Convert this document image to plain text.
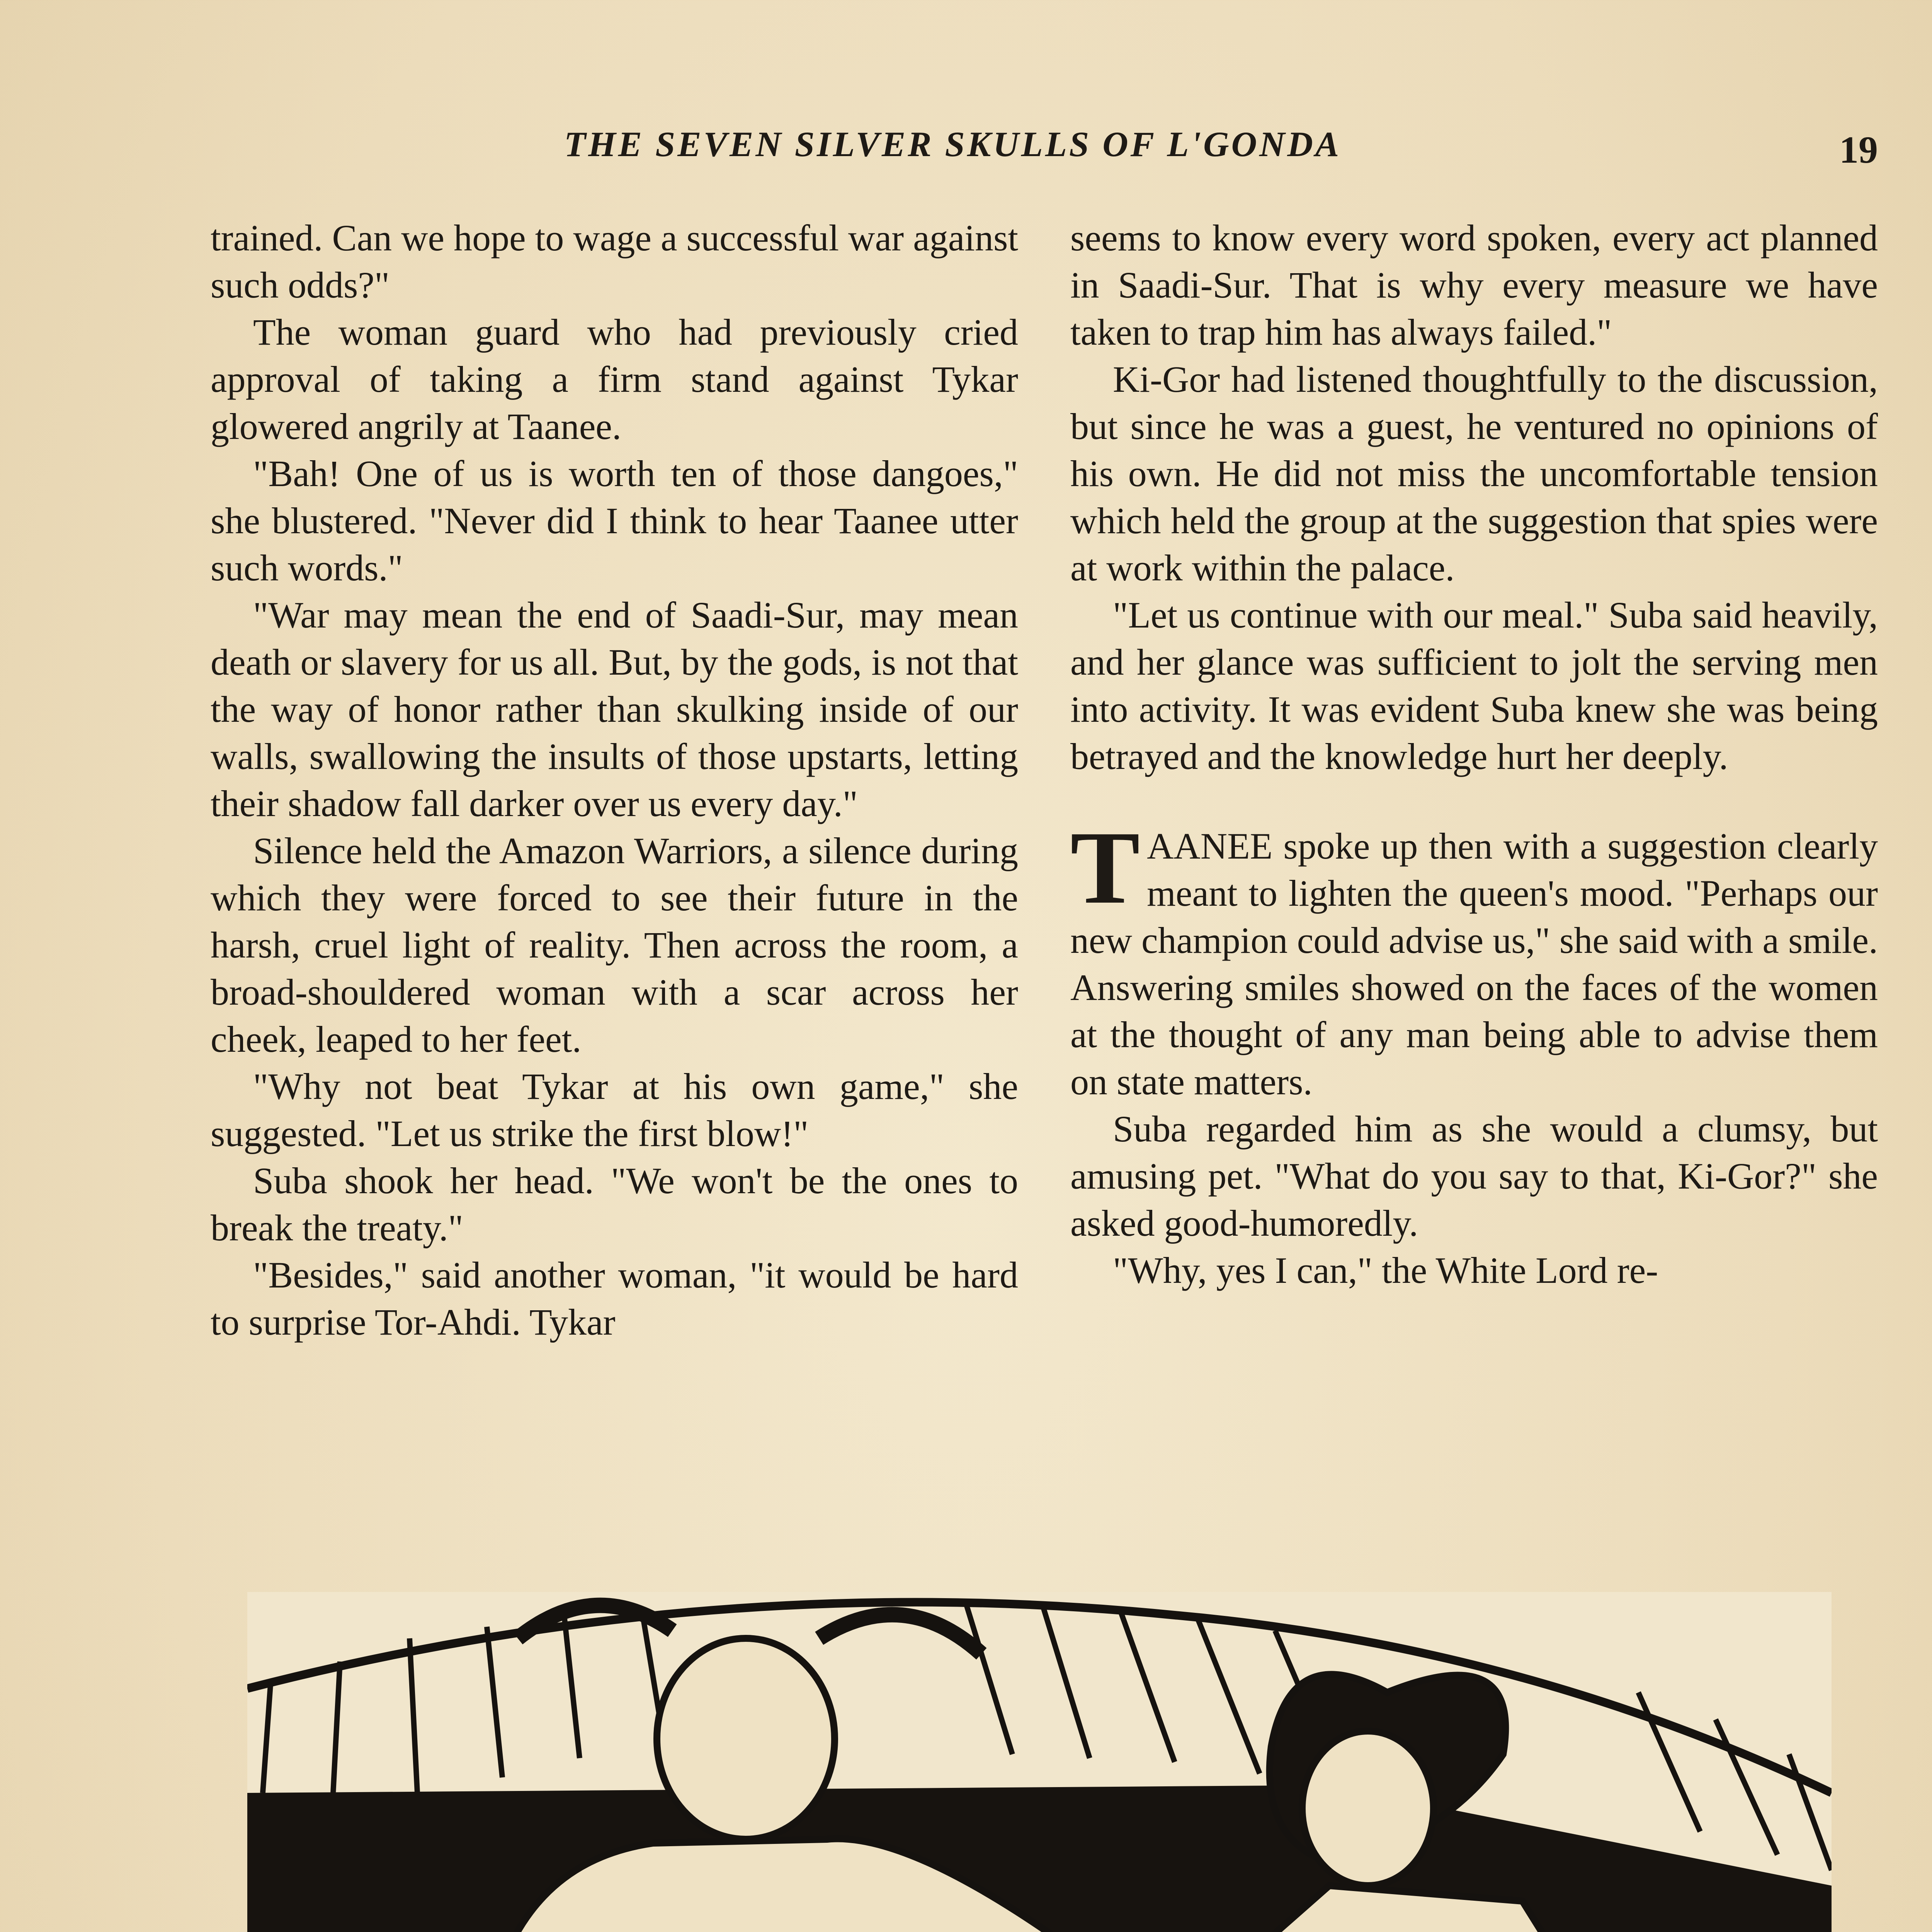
THE SEVEN SILVER SKULLS OF L'GONDA	19

trained. Can we hope to wage a successful war against such odds?"

The woman guard who had previously cried approval of taking a firm stand against Tykar glowered angrily at Taanee.

"Bah! One of us is worth ten of those dangoes," she blustered. "Never did I think to hear Taanee utter such words."

"War may mean the end of Saadi-Sur, may mean death or slavery for us all. But, by the gods, is not that the way of honor rather than skulking inside of our walls, swallowing the insults of those upstarts, letting their shadow fall darker over us every day."

Silence held the Amazon Warriors, a silence during which they were forced to see their future in the harsh, cruel light of reality. Then across the room, a broad-shouldered woman with a scar across her cheek, leaped to her feet.

"Why not beat Tykar at his own game," she suggested. "Let us strike the first blow!"

Suba shook her head. "We won't be the ones to break the treaty."

"Besides," said another woman, "it would be hard to surprise Tor-Ahdi. Tykar

seems to know every word spoken, every act planned in Saadi-Sur. That is why every measure we have taken to trap him has always failed."

Ki-Gor had listened thoughtfully to the discussion, but since he was a guest, he ventured no opinions of his own. He did not miss the uncomfortable tension which held the group at the suggestion that spies were at work within the palace.

"Let us continue with our meal." Suba said heavily, and her glance was sufficient to jolt the serving men into activity. It was evident Suba knew she was being betrayed and the knowledge hurt her deeply.

TAANEE spoke up then with a suggestion clearly meant to lighten the queen's mood. "Perhaps our new champion could advise us," she said with a smile. Answering smiles showed on the faces of the women at the thought of any man being able to advise them on state matters.

Suba regarded him as she would a clumsy, but amusing pet. "What do you say to that, Ki-Gor?" she asked good-humoredly.

"Why, yes I can," the White Lord re-
